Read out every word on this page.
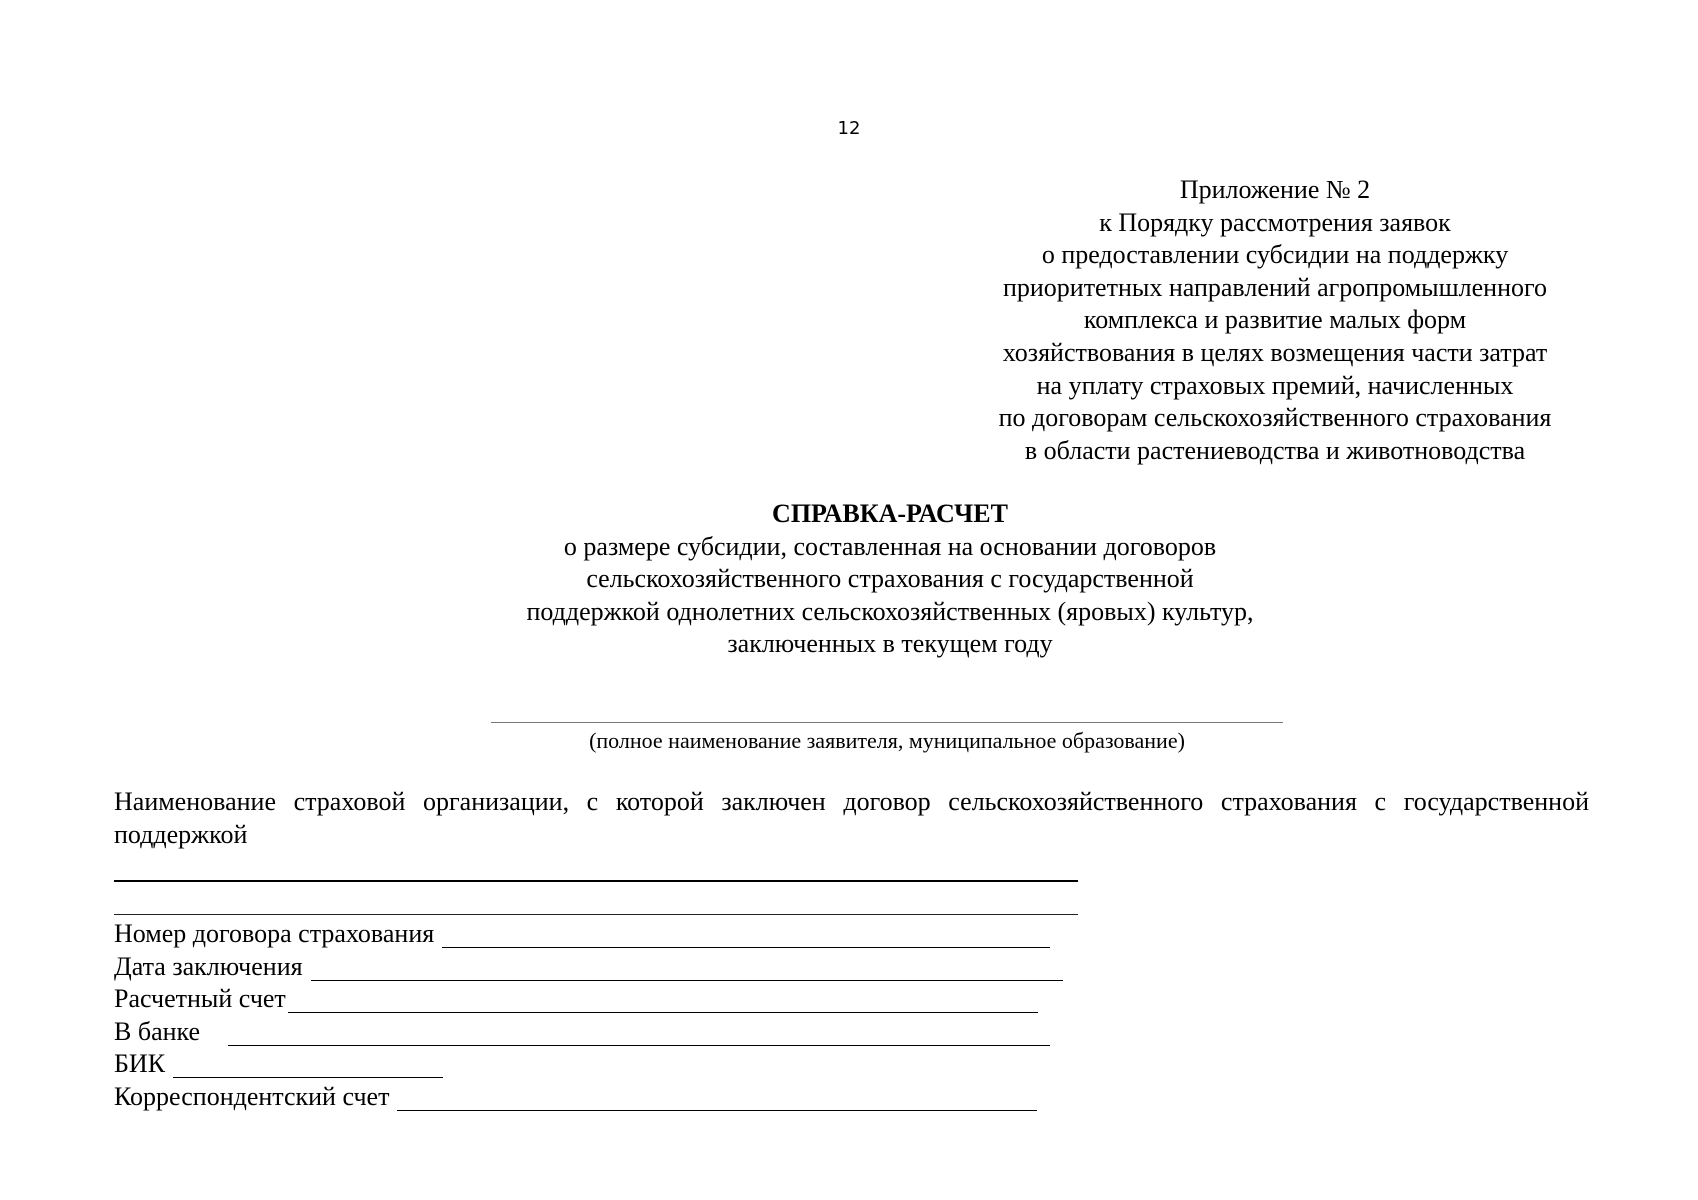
12
Приложение № 2
к Порядку рассмотрения заявок
о предоставлении субсидии на поддержку
приоритетных направлений агропромышленного
комплекса и развитие малых форм
хозяйствования в целях возмещения части затрат
на уплату страховых премий, начисленных
по договорам сельскохозяйственного страхования
в области растениеводства и животноводства
СПРАВКА-РАСЧЕТ
о размере субсидии, составленная на основании договоров
сельскохозяйственного страхования с государственной
поддержкой однолетних сельскохозяйственных (яровых) культур,
заключенных в текущем году
(полное наименование заявителя, муниципальное образование)
Наименование страховой организации, с которой заключен договор сельскохозяйственного страхования с государственной поддержкой
Номер договора страхования
Дата заключения
Расчетный счет
В банке
БИК
Корреспондентский счет
